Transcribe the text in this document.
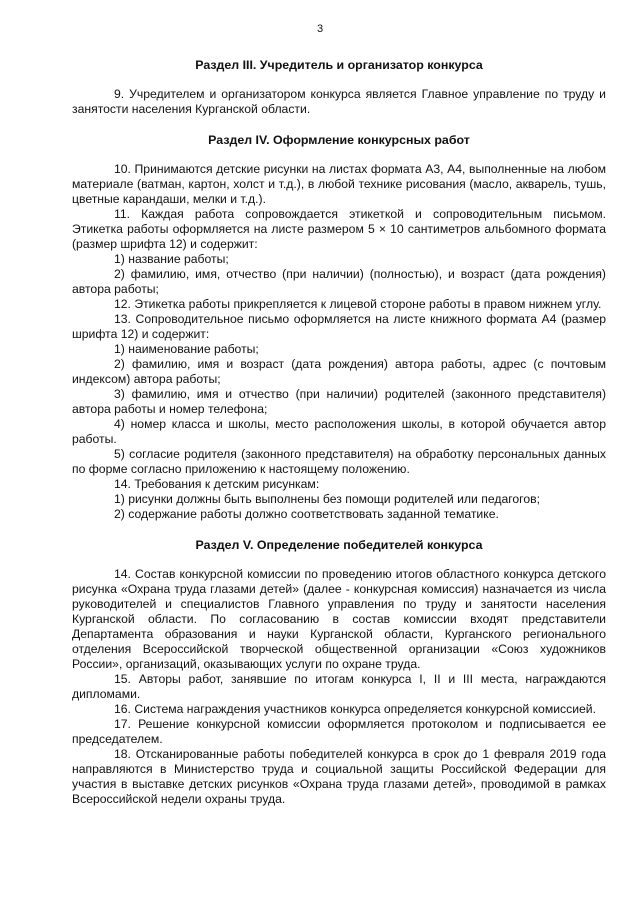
3

Раздел III. Учредитель и организатор конкурса

9. Учредителем и организатором конкурса является Главное управление по труду и занятости населения Курганской области.

Раздел IV. Оформление конкурсных работ

10. Принимаются детские рисунки на листах формата А3, А4, выполненные на любом материале (ватман, картон, холст и т.д.), в любой технике рисования (масло, акварель, тушь, цветные карандаши, мелки и т.д.).

11. Каждая работа сопровождается этикеткой и сопроводительным письмом. Этикетка работы оформляется на листе размером 5 × 10 сантиметров альбомного формата (размер шрифта 12) и содержит:

1) название работы;

2) фамилию, имя, отчество (при наличии) (полностью), и возраст (дата рождения) автора работы;

12. Этикетка работы прикрепляется к лицевой стороне работы в правом нижнем углу.

13. Сопроводительное письмо оформляется на листе книжного формата А4 (размер шрифта 12) и содержит:

1) наименование работы;

2) фамилию, имя и возраст (дата рождения) автора работы, адрес (с почтовым индексом) автора работы;

3) фамилию, имя и отчество (при наличии) родителей (законного представителя) автора работы и номер телефона;

4) номер класса и школы, место расположения школы, в которой обучается автор работы.

5) согласие родителя (законного представителя) на обработку персональных данных по форме согласно приложению к настоящему положению.

14. Требования к детским рисункам:

1) рисунки должны быть выполнены без помощи родителей или педагогов;

2) содержание работы должно соответствовать заданной тематике.

Раздел V. Определение победителей конкурса

14. Состав конкурсной комиссии по проведению итогов областного конкурса детского рисунка «Охрана труда глазами детей» (далее - конкурсная комиссия) назначается из числа руководителей и специалистов Главного управления по труду и занятости населения Курганской области. По согласованию в состав комиссии входят представители Департамента образования и науки Курганской области, Курганского регионального отделения Всероссийской творческой общественной организации «Союз художников России», организаций, оказывающих услуги по охране труда.

15. Авторы работ, занявшие по итогам конкурса I, II и III места, награждаются дипломами.

16. Система награждения участников конкурса определяется конкурсной комиссией.

17. Решение конкурсной комиссии оформляется протоколом и подписывается ее председателем.

18. Отсканированные работы победителей конкурса в срок до 1 февраля 2019 года направляются в Министерство труда и социальной защиты Российской Федерации для участия в выставке детских рисунков «Охрана труда глазами детей», проводимой в рамках Всероссийской недели охраны труда.
